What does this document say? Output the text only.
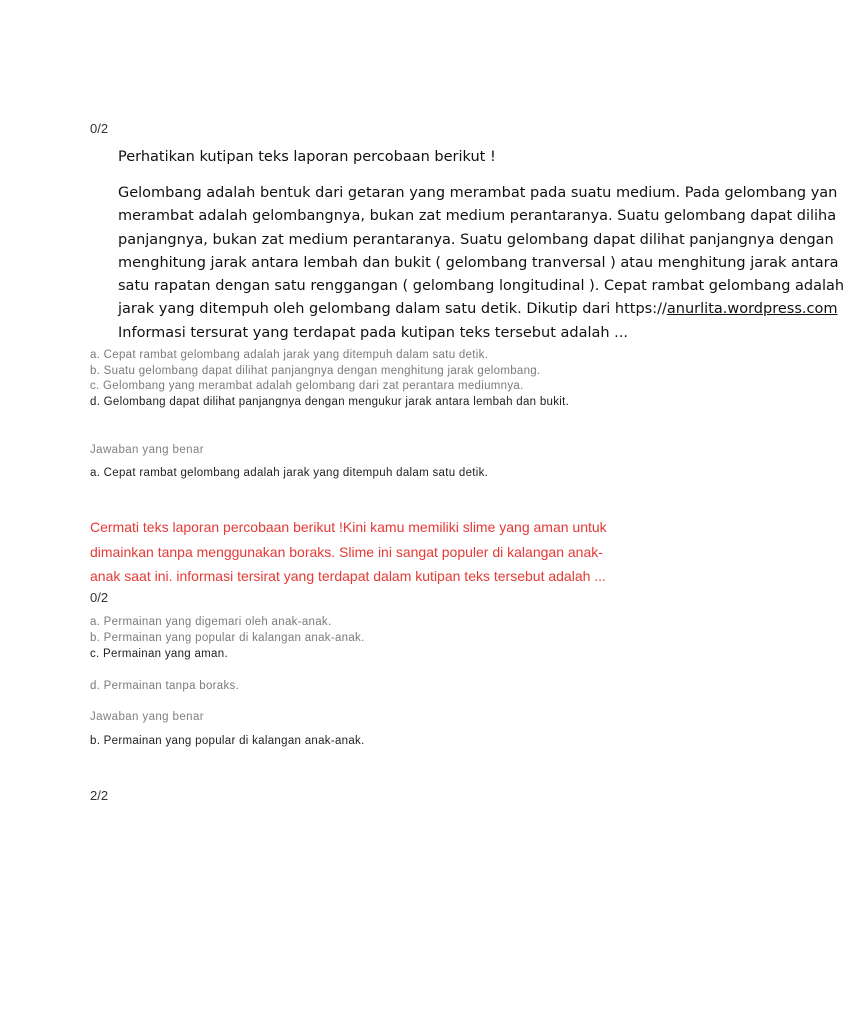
0/2
Perhatikan kutipan teks laporan percobaan berikut !
Gelombang adalah bentuk dari getaran yang merambat pada suatu medium. Pada gelombang yan
merambat adalah gelombangnya, bukan zat medium perantaranya. Suatu gelombang dapat diliha
panjangnya, bukan zat medium perantaranya. Suatu gelombang dapat dilihat panjangnya dengan
menghitung jarak antara lembah dan bukit ( gelombang tranversal ) atau menghitung jarak antara
satu rapatan dengan satu renggangan ( gelombang longitudinal ). Cepat rambat gelombang adalah
jarak yang ditempuh oleh gelombang dalam satu detik. Dikutip dari https://anurlita.wordpress.com
Informasi tersurat yang terdapat pada kutipan teks tersebut adalah ...
a. Cepat rambat gelombang adalah jarak yang ditempuh dalam satu detik.
b. Suatu gelombang dapat dilihat panjangnya dengan menghitung jarak gelombang.
c. Gelombang yang merambat adalah gelombang dari zat perantara mediumnya.
d. Gelombang dapat dilihat panjangnya dengan mengukur jarak antara lembah dan bukit.
Jawaban yang benar
a. Cepat rambat gelombang adalah jarak yang ditempuh dalam satu detik.
Cermati teks laporan percobaan berikut !Kini kamu memiliki slime yang aman untuk
dimainkan tanpa menggunakan boraks. Slime ini sangat populer di kalangan anak-
anak saat ini. informasi tersirat yang terdapat dalam kutipan teks tersebut adalah ...
0/2
a. Permainan yang digemari oleh anak-anak.
b. Permainan yang popular di kalangan anak-anak.
c. Permainan yang aman.
d. Permainan tanpa boraks.
Jawaban yang benar
b. Permainan yang popular di kalangan anak-anak.
2/2
